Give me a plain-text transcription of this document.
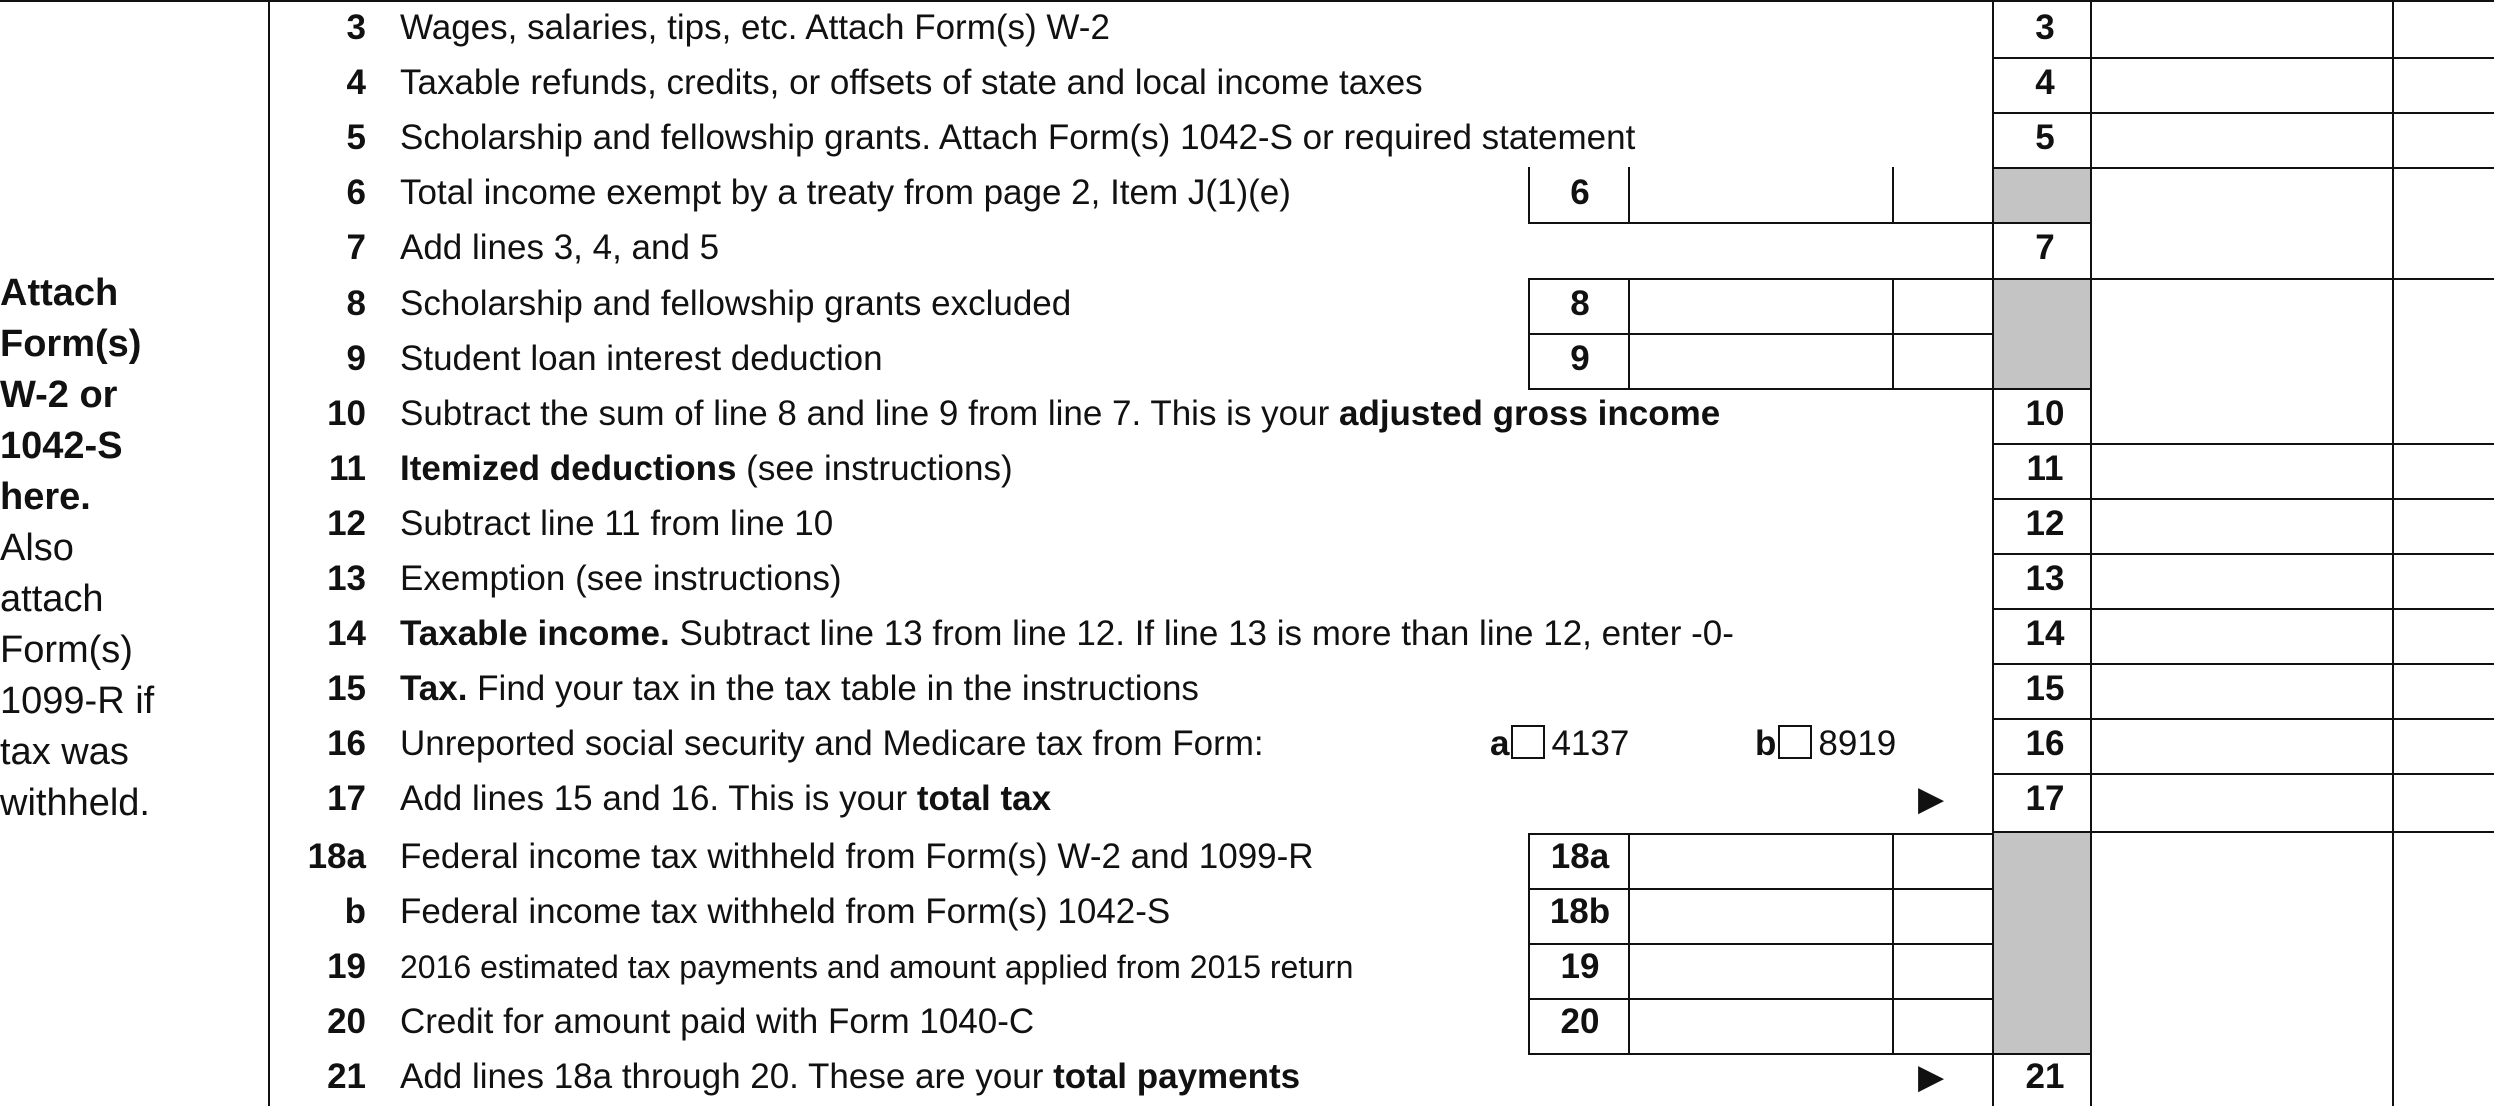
Attach
Form(s)
W-2 or
1042-S
here.
Also
attach
Form(s)
1099-R if
tax was
withheld.
3 Wages, salaries, tips, etc. Attach Form(s) W-2	3
4 Taxable refunds, credits, or offsets of state and local income taxes	4
5 Scholarship and fellowship grants. Attach Form(s) 1042-S or required statement	5
6 Total income exempt by a treaty from page 2, Item J(1)(e)	6
7 Add lines 3, 4, and 5	7
8 Scholarship and fellowship grants excluded	8
9 Student loan interest deduction	9
10 Subtract the sum of line 8 and line 9 from line 7. This is your adjusted gross income	10
11 Itemized deductions (see instructions)	11
12 Subtract line 11 from line 10	12
13 Exemption (see instructions)	13
14 Taxable income. Subtract line 13 from line 12. If line 13 is more than line 12, enter -0-	14
15 Tax. Find your tax in the tax table in the instructions	15
16 Unreported social security and Medicare tax from Form:	a 4137	b 8919	16
17 Add lines 15 and 16. This is your total tax	▶	17
18a Federal income tax withheld from Form(s) W-2 and 1099-R	18a
b Federal income tax withheld from Form(s) 1042-S	18b
19 2016 estimated tax payments and amount applied from 2015 return	19
20 Credit for amount paid with Form 1040-C	20
21 Add lines 18a through 20. These are your total payments	▶	21
